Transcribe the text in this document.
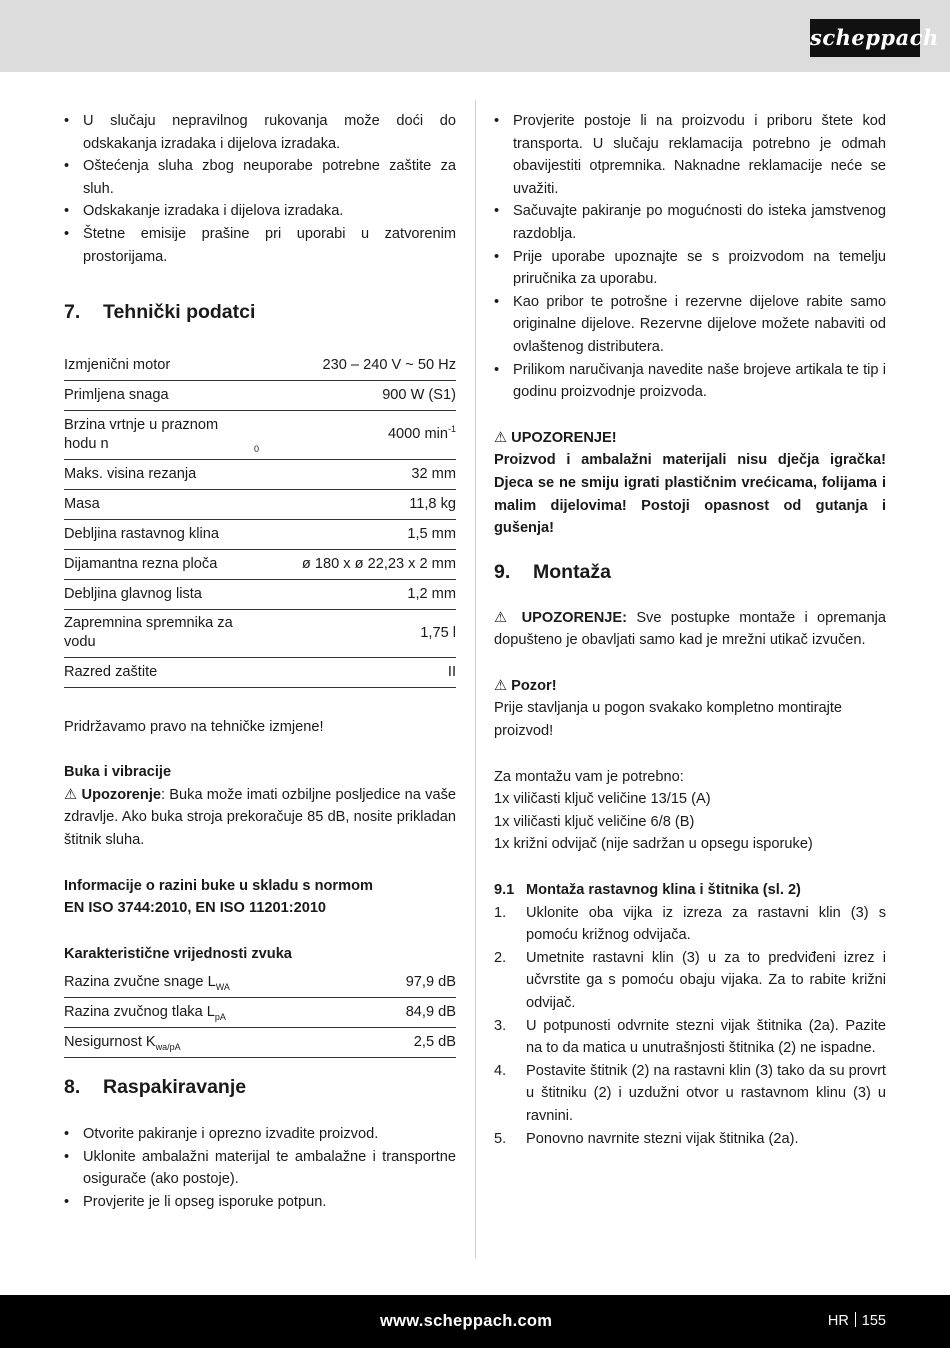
scheppach
• U slučaju nepravilnog rukovanja može doći do odskakanja izradaka i dijelova izradaka.
• Oštećenja sluha zbog neuporabe potrebne zaštite za sluh.
• Odskakanje izradaka i dijelova izradaka.
• Štetne emisije prašine pri uporabi u zatvorenim prostorijama.
7.	Tehnički podatci
Izmjenični motor	230 – 240 V ~ 50 Hz
Primljena snaga	900 W (S1)
Brzina vrtnje u praznom hodu n $_0$	4000 $\min^{-1}$
Maks. visina rezanja	32 mm
Masa	11,8 kg
Debljina rastavnog klina	1,5 mm
Dijamantna rezna ploča	ø 180 x ø 22,23 x 2 mm
Debljina glavnog lista	1,2 mm
Zapremnina spremnika za vodu	1,75 l
Razred zaštite	II

Pridržavamo pravo na tehničke izmjene!

Buka i vibracije

⚠ Upozorenje: Buka može imati ozbiljne posljedice na vaše zdravlje. Ako buka stroja prekoračuje 85 dB, nosite prikladan štitnik sluha.

Informacije o razini buke u skladu s normom

EN ISO 3744:2010, EN ISO 11201:2010

Karakteristične vrijednosti zvuka

Razina zvučne snage $L_{WA}$	97,9 dB
Razina zvučnog tlaka $L_{pA}$	84,9 dB
Nesigurnost $K_{wa/pA}$	2,5 dB
8.	Raspakiravanje
• Otvorite pakiranje i oprezno izvadite proizvod.
• Uklonite ambalažni materijal te ambalažne i transportne osigurače (ako postoje).
• Provjerite je li opseg isporuke potpun.
• Provjerite postoje li na proizvodu i priboru štete kod transporta. U slučaju reklamacija potrebno je odmah obavijestiti otpremnika. Naknadne reklamacije neće se uvažiti.
• Sačuvajte pakiranje po mogućnosti do isteka jamstvenog razdoblja.
• Prije uporabe upoznajte se s proizvodom na temelju priručnika za uporabu.
• Kao pribor te potrošne i rezervne dijelove rabite samo originalne dijelove. Rezervne dijelove možete nabaviti od ovlaštenog distributera.
• Prilikom naručivanja navedite naše brojeve artikala te tip i godinu proizvodnje proizvoda.

⚠ UPOZORENJE!

Proizvod i ambalažni materijali nisu dječja igračka! Djeca se ne smiju igrati plastičnim vrećicama, folijama i malim dijelovima! Postoji opasnost od gutanja i gušenja!

9.	Montaža

⚠ UPOZORENJE: Sve postupke montaže i opremanja dopušteno je obavljati samo kad je mrežni utikač izvučen.

⚠ Pozor!

Prije stavljanja u pogon svakako kompletno montirajte proizvod!

Za montažu vam je potrebno:

1x viličasti ključ veličine 13/15 (A)

1x viličasti ključ veličine 6/8 (B)

1x križni odvijač (nije sadržan u opsegu isporuke)

9.1 Montaža rastavnog klina i štitnika (sl. 2)

1. Uklonite oba vijka iz izreza za rastavni klin (3) s pomoću križnog odvijača.
2. Umetnite rastavni klin (3) u za to predviđeni izrez i učvrstite ga s pomoću obaju vijaka. Za to rabite križni odvijač.
3. U potpunosti odvrnite stezni vijak štitnika (2a). Pazite na to da matica u unutrašnjosti štitnika (2) ne ispadne.
4. Postavite štitnik (2) na rastavni klin (3) tako da su provrt u štitniku (2) i uzdužni otvor u rastavnom klinu (3) u ravnini.
5. Ponovno navrnite stezni vijak štitnika (2a).
www.scheppach.com	HR 155
